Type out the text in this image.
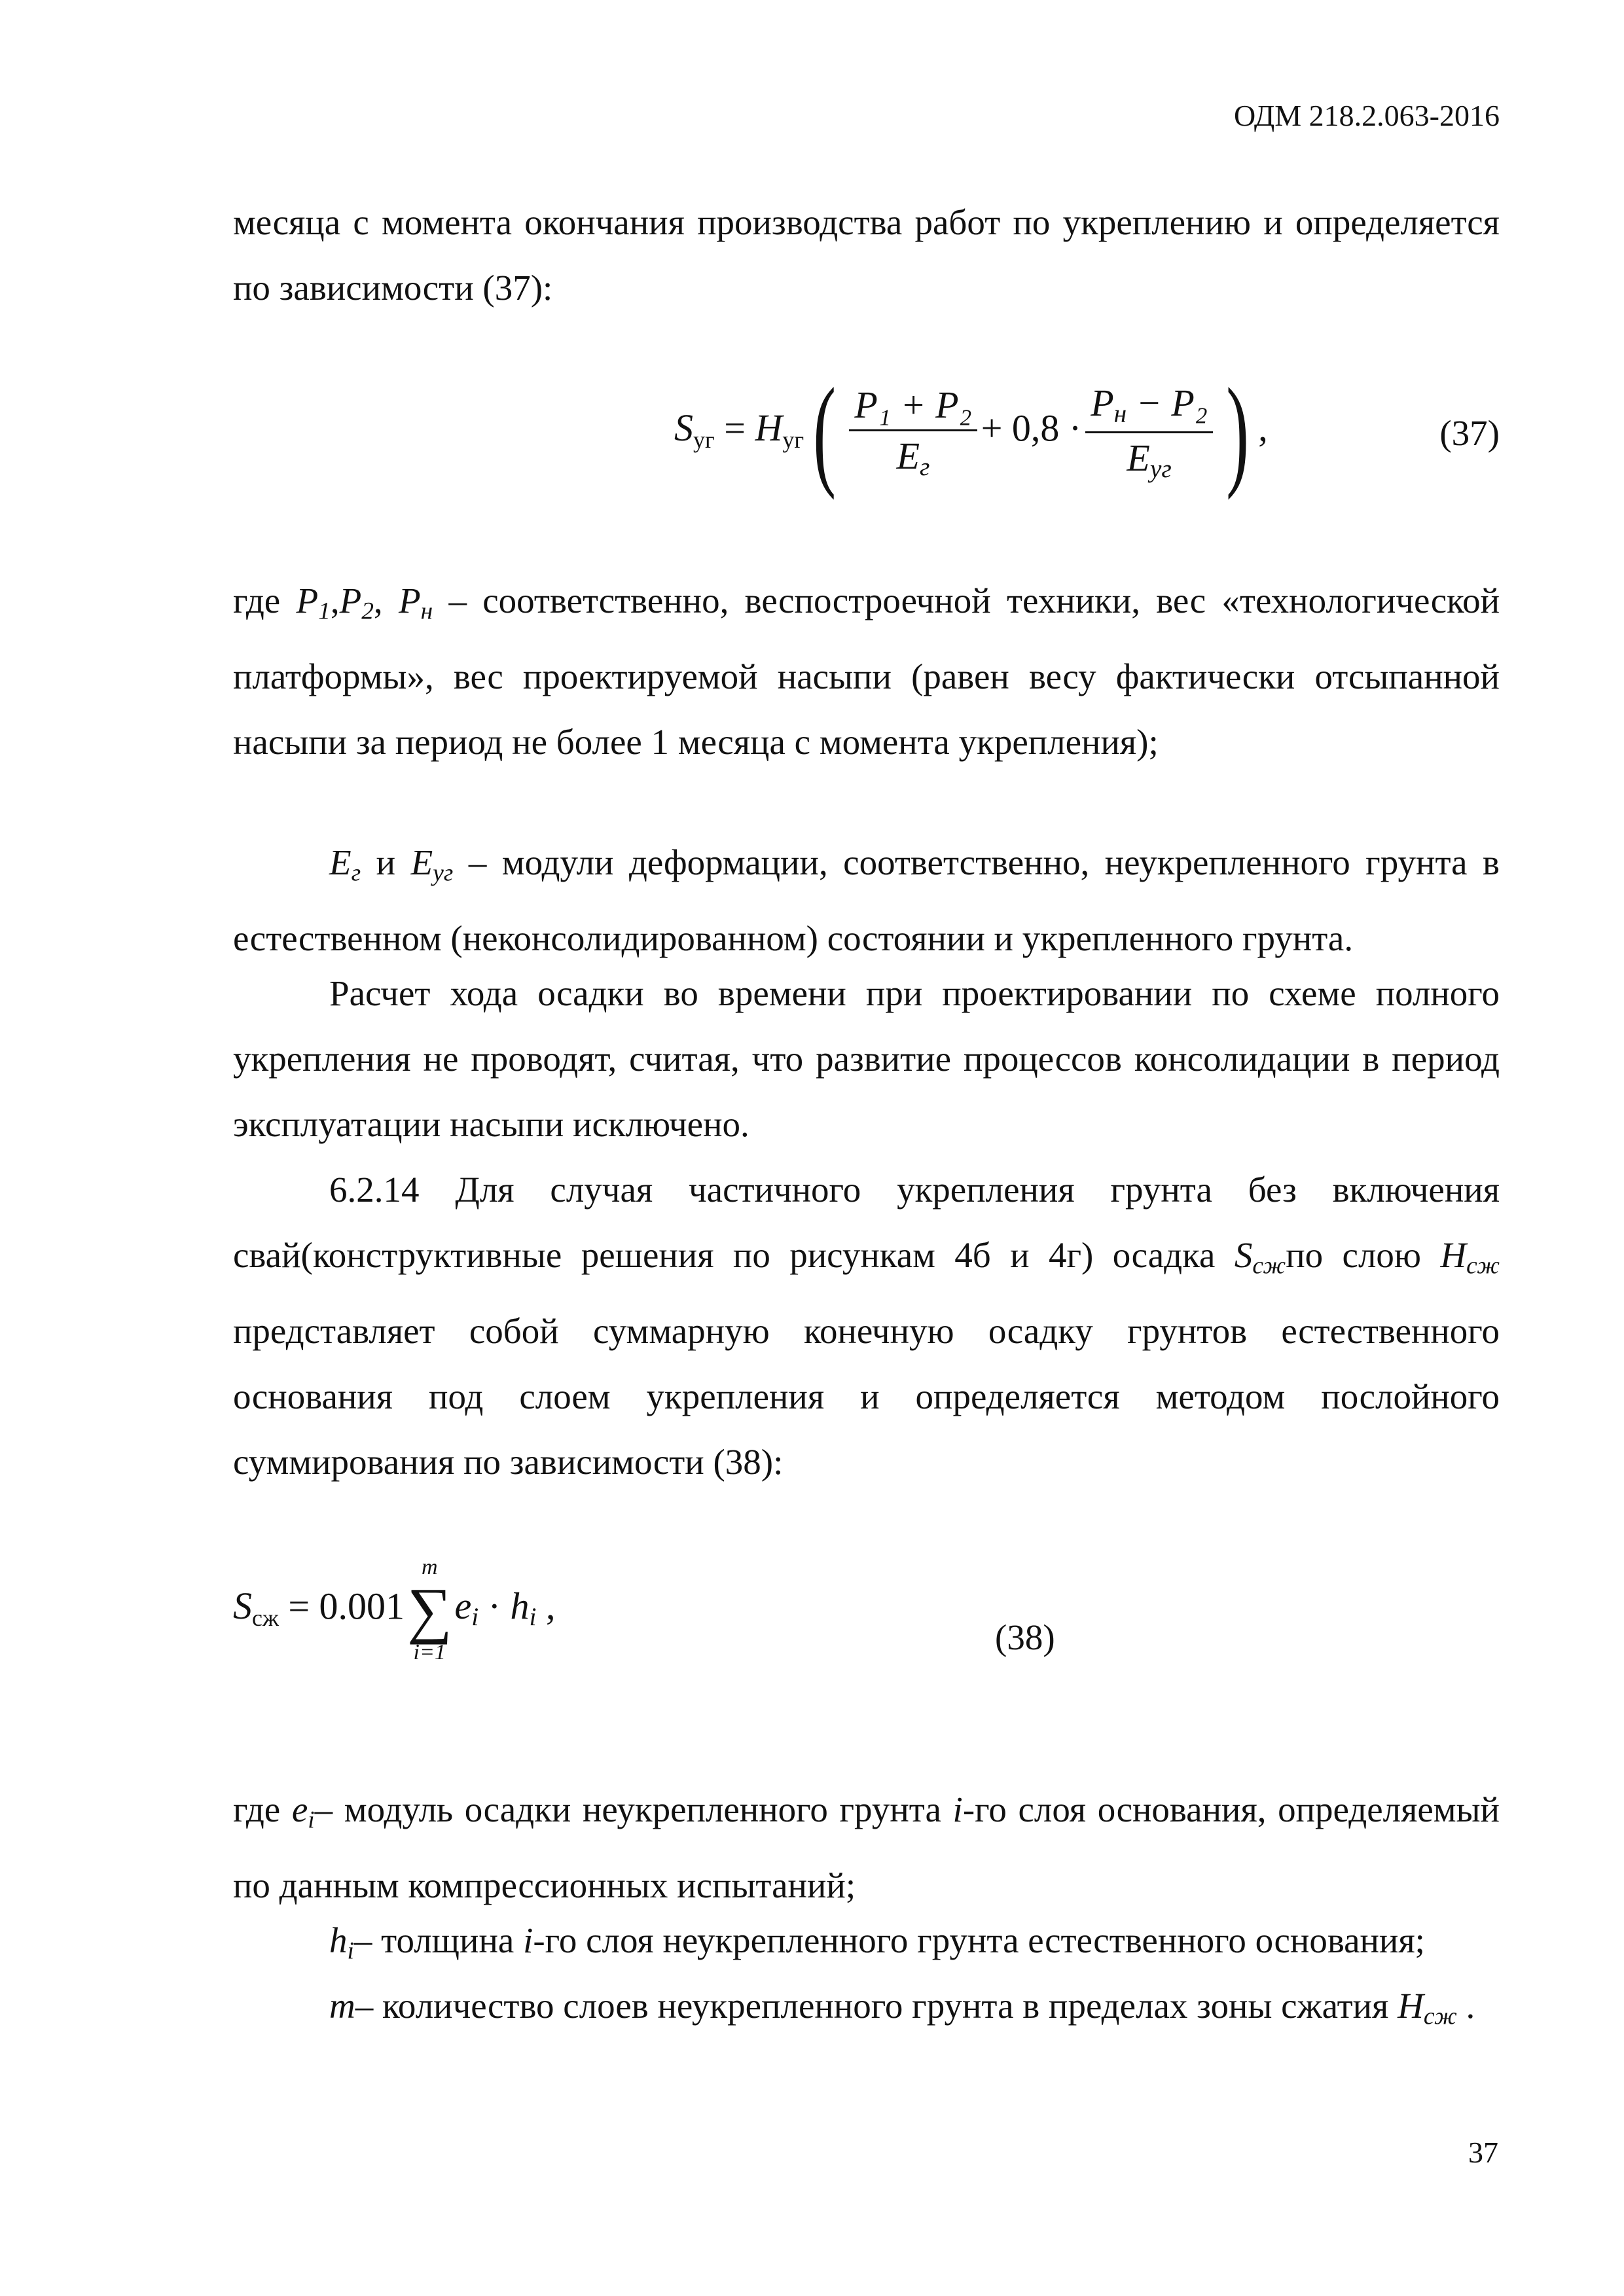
ОДМ 218.2.063-2016

месяца с момента окончания производства работ по укреплению и определяется по зависимости (37):

Sуг = $Hуг( \frac{\text{P₁ + P₂}}{E_г} + 0,8 \cdot \frac{P_н - P_2}{E_{уг}}$ ) ,	(37)

где $P_1,P_2$, $P_н$ – соответственно, веспостроечной техники, вес «технологической платформы», вес проектируемой насыпи (равен весу фактически отсыпанной насыпи за период не более 1 месяца с момента укрепления);

$E_г$ и $E_{уг}$ – модули деформации, соответственно, неукрепленного грунта в естественном (неконсолидированном) состоянии и укрепленного грунта.

Расчет хода осадки во времени при проектировании по схеме полного укрепления не проводят, считая, что развитие процессов консолидации в период эксплуатации насыпи исключено.

6.2.14 Для случая частичного укрепления грунта без включения свай(конструктивные решения по рисункам 4б и 4г) осадка $S_{сж}по$ слою $H_{сж}$ представляет собой суммарную конечную осадку грунтов естественного основания под слоем укрепления и определяется методом послойного суммирования по зависимости (38):

Sсж = 0.001
m
∑
i=1
$e_i \cdot h_i$ ,
(38)

где $e_i-$ модуль осадки неукрепленного грунта i-го слоя основания, определяемый по данным компрессионных испытаний;

$h_i-$ толщина i-го слоя неукрепленного грунта естественного основания;

m– количество слоев неукрепленного грунта в пределах зоны сжатия $H_{сж}$ .

37
